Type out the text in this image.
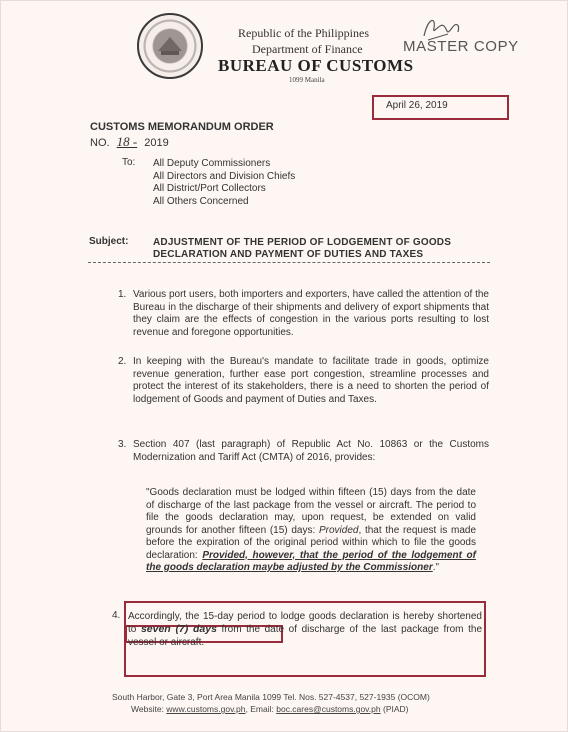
Republic of the Philippines
Department of Finance
BUREAU OF CUSTOMS
1099 Manila
MASTER COPY
April 26, 2019
CUSTOMS MEMORANDUM ORDER
NO. 18 - 2019
To: All Deputy Commissioners
All Directors and Division Chiefs
All District/Port Collectors
All Others Concerned
Subject: ADJUSTMENT OF THE PERIOD OF LODGEMENT OF GOODS
DECLARATION AND PAYMENT OF DUTIES AND TAXES
1. Various port users, both importers and exporters, have called the attention of the Bureau in the discharge of their shipments and delivery of export shipments that they claim are the effects of congestion in the various ports resulting to lost revenue and foregone opportunities.
2. In keeping with the Bureau's mandate to facilitate trade in goods, optimize revenue generation, further ease port congestion, streamline processes and protect the interest of its stakeholders, there is a need to shorten the period of lodgement of Goods and payment of Duties and Taxes.
3. Section 407 (last paragraph) of Republic Act No. 10863 or the Customs Modernization and Tariff Act (CMTA) of 2016, provides:
"Goods declaration must be lodged within fifteen (15) days from the date of discharge of the last package from the vessel or aircraft. The period to file the goods declaration may, upon request, be extended on valid grounds for another fifteen (15) days: Provided, that the request is made before the expiration of the original period within which to file the goods declaration: Provided, however, that the period of the lodgement of the goods declaration maybe adjusted by the Commissioner."
4. Accordingly, the 15-day period to lodge goods declaration is hereby shortened to seven (7) days from the date of discharge of the last package from the vessel or aircraft.
South Harbor, Gate 3, Port Area Manila 1099 Tel. Nos. 527-4537, 527-1935 (OCOM)
Website: www.customs.gov.ph, Email: boc.cares@customs.gov.ph (PIAD)
